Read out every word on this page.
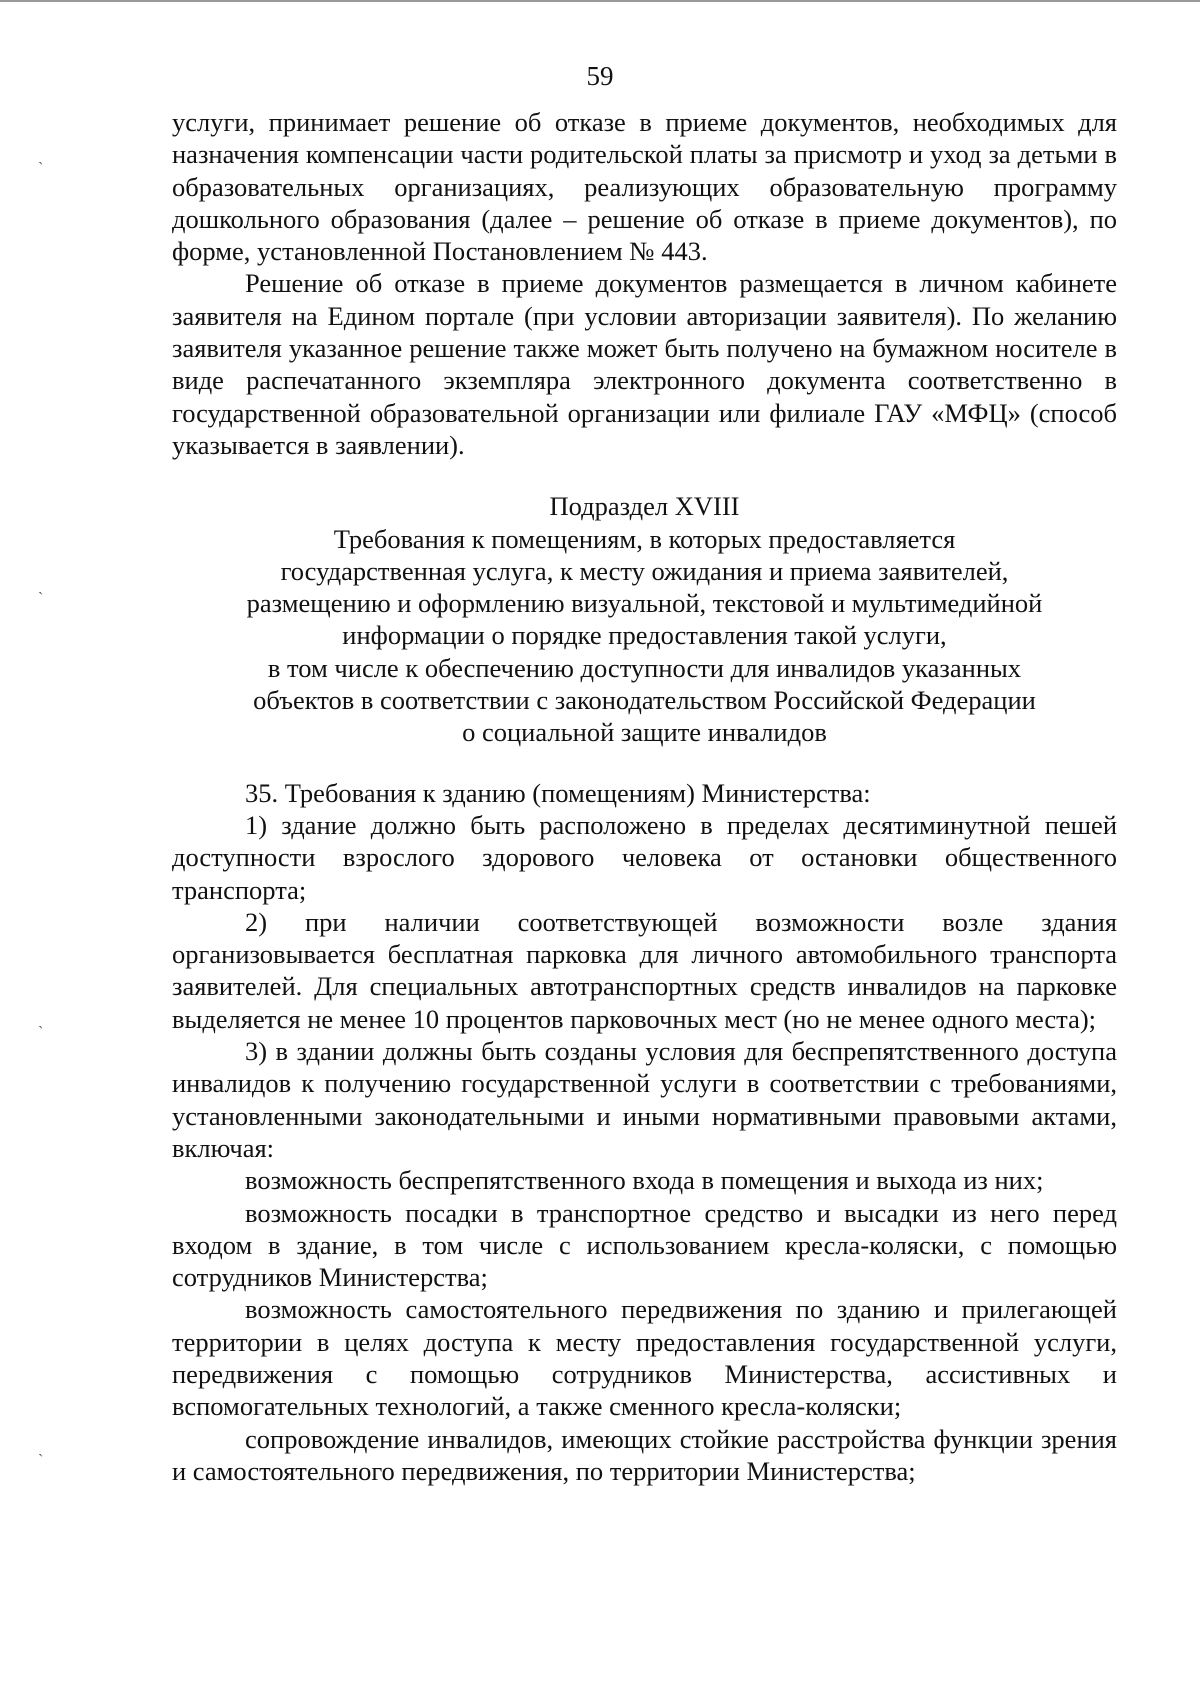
ˎ
ˎ
ˎ
ˎ
59

услуги, принимает решение об отказе в приеме документов, необходимых для назначения компенсации части родительской платы за присмотр и уход за детьми в образовательных организациях, реализующих образовательную программу дошкольного образования (далее – решение об отказе в приеме документов), по форме, установленной Постановлением № 443.

Решение об отказе в приеме документов размещается в личном кабинете заявителя на Едином портале (при условии авторизации заявителя). По желанию заявителя указанное решение также может быть получено на бумажном носителе в виде распечатанного экземпляра электронного документа соответственно в государственной образовательной организации или филиале ГАУ «МФЦ» (способ указывается в заявлении).

Подраздел XVIII

Требования к помещениям, в которых предоставляется

государственная услуга, к месту ожидания и приема заявителей,

размещению и оформлению визуальной, текстовой и мультимедийной

информации о порядке предоставления такой услуги,

в том числе к обеспечению доступности для инвалидов указанных

объектов в соответствии с законодательством Российской Федерации

о социальной защите инвалидов

35. Требования к зданию (помещениям) Министерства:

1) здание должно быть расположено в пределах десятиминутной пешей доступности взрослого здорового человека от остановки общественного транспорта;

2) при наличии соответствующей возможности возле здания организовывается бесплатная парковка для личного автомобильного транспорта заявителей. Для специальных автотранспортных средств инвалидов на парковке выделяется не менее 10 процентов парковочных мест (но не менее одного места);

3) в здании должны быть созданы условия для беспрепятственного доступа инвалидов к получению государственной услуги в соответствии с требованиями, установленными законодательными и иными нормативными правовыми актами, включая:

возможность беспрепятственного входа в помещения и выхода из них;

возможность посадки в транспортное средство и высадки из него перед входом в здание, в том числе с использованием кресла-коляски, с помощью сотрудников Министерства;

возможность самостоятельного передвижения по зданию и прилегающей территории в целях доступа к месту предоставления государственной услуги, передвижения с помощью сотрудников Министерства, ассистивных и вспомогательных технологий, а также сменного кресла-коляски;

сопровождение инвалидов, имеющих стойкие расстройства функции зрения и самостоятельного передвижения, по территории Министерства;
